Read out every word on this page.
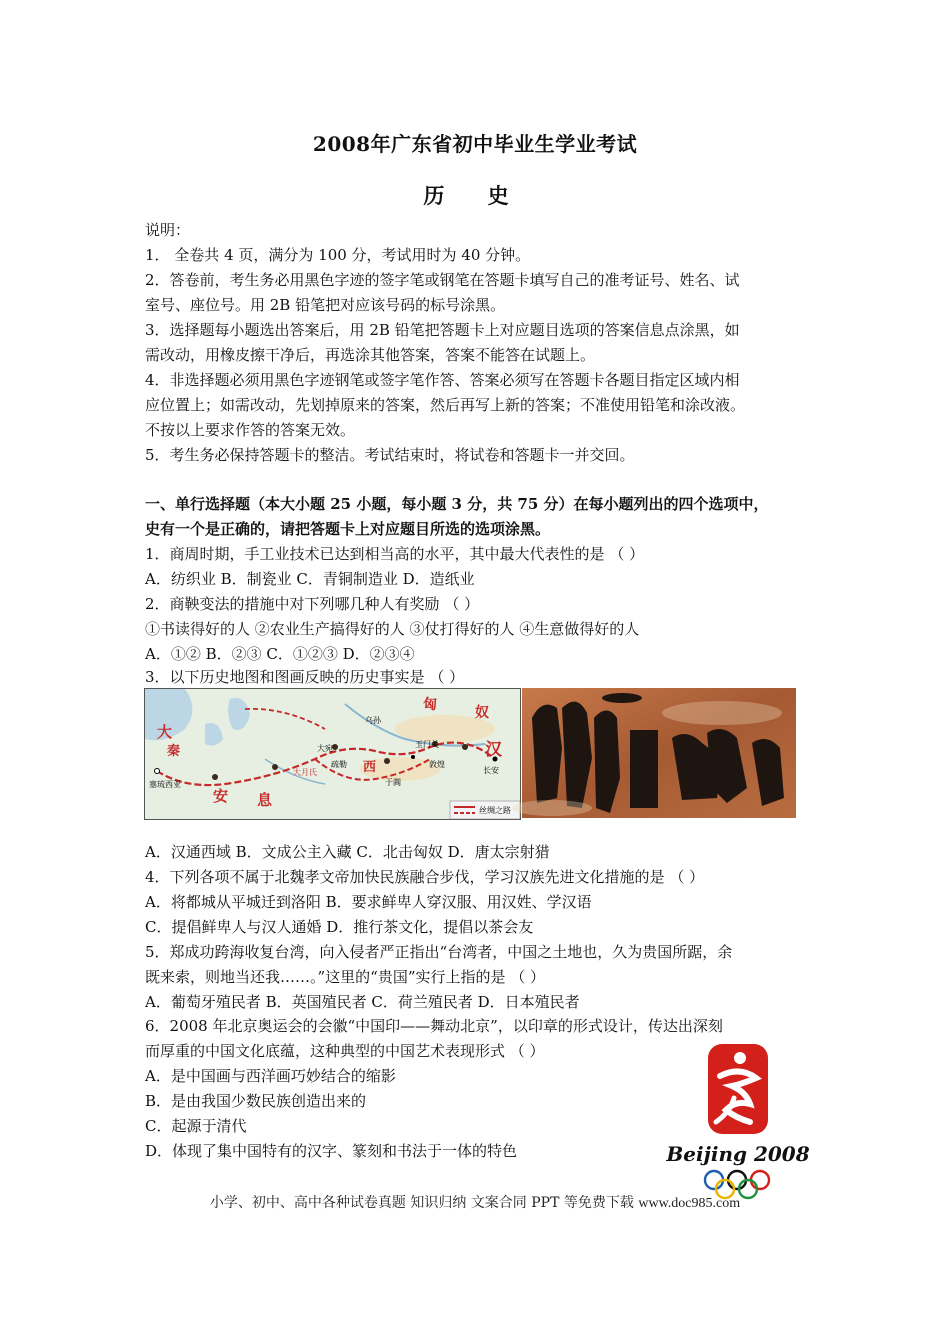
2008年广东省初中毕业生学业考试
历 史
说明：
1． 全卷共 4 页，满分为 100 分，考试用时为 40 分钟。
2．答卷前，考生务必用黑色字迹的签字笔或钢笔在答题卡填写自己的准考证号、姓名、试
室号、座位号。用 2B 铅笔把对应该号码的标号涂黑。
3．选择题每小题选出答案后，用 2B 铅笔把答题卡上对应题目选项的答案信息点涂黑，如
需改动，用橡皮擦干净后，再选涂其他答案，答案不能答在试题上。
4．非选择题必须用黑色字迹钢笔或签字笔作答、答案必须写在答题卡各题目指定区域内相
应位置上；如需改动，先划掉原来的答案，然后再写上新的答案；不准使用铅笔和涂改液。
不按以上要求作答的答案无效。
5．考生务必保持答题卡的整洁。考试结束时，将试卷和答题卡一并交回。
一、单行选择题（本大小题 25 小题，每小题 3 分，共 75 分）在每小题列出的四个选项中，
史有一个是正确的，请把答题卡上对应题目所选的选项涂黑。
1．商周时期，手工业技术已达到相当高的水平，其中最大代表性的是 （ ）
A．纺织业 B．制瓷业 C．青铜制造业 D．造纸业
2．商鞅变法的措施中对下列哪几种人有奖励 （ ）
①书读得好的人 ②农业生产搞得好的人 ③仗打得好的人 ④生意做得好的人
A．①② B．②③ C．①②③ D．②③④
3．以下历史地图和图画反映的历史事实是 （ ）
大
秦
安 息
匈	奴
西
汉
乌孙
大宛
疏勒
大月氏
玉门关
敦煌
于阗
长安
塞琉西亚
丝绸之路
A．汉通西域 B．文成公主入藏 C．北击匈奴 D．唐太宗射猎
4．下列各项不属于北魏孝文帝加快民族融合步伐，学习汉族先进文化措施的是 （ ）
A．将都城从平城迁到洛阳 B．要求鲜卑人穿汉服、用汉姓、学汉语
C．提倡鲜卑人与汉人通婚 D．推行茶文化，提倡以茶会友
5．郑成功跨海收复台湾，向入侵者严正指出“台湾者，中国之土地也，久为贵国所踞，余
既来索，则地当还我……。”这里的“贵国”实行上指的是 （ ）
A．葡萄牙殖民者 B．英国殖民者 C．荷兰殖民者 D．日本殖民者
6．2008 年北京奥运会的会徽“中国印——舞动北京”，以印章的形式设计，传达出深刻
而厚重的中国文化底蕴，这种典型的中国艺术表现形式 （ ）
A．是中国画与西洋画巧妙结合的缩影
B．是由我国少数民族创造出来的
C．起源于清代
D．体现了集中国特有的汉字、篆刻和书法于一体的特色	Beijing 2008
小学、初中、高中各种试卷真题 知识归纳 文案合同 PPT 等免费下载 www.doc985.com
